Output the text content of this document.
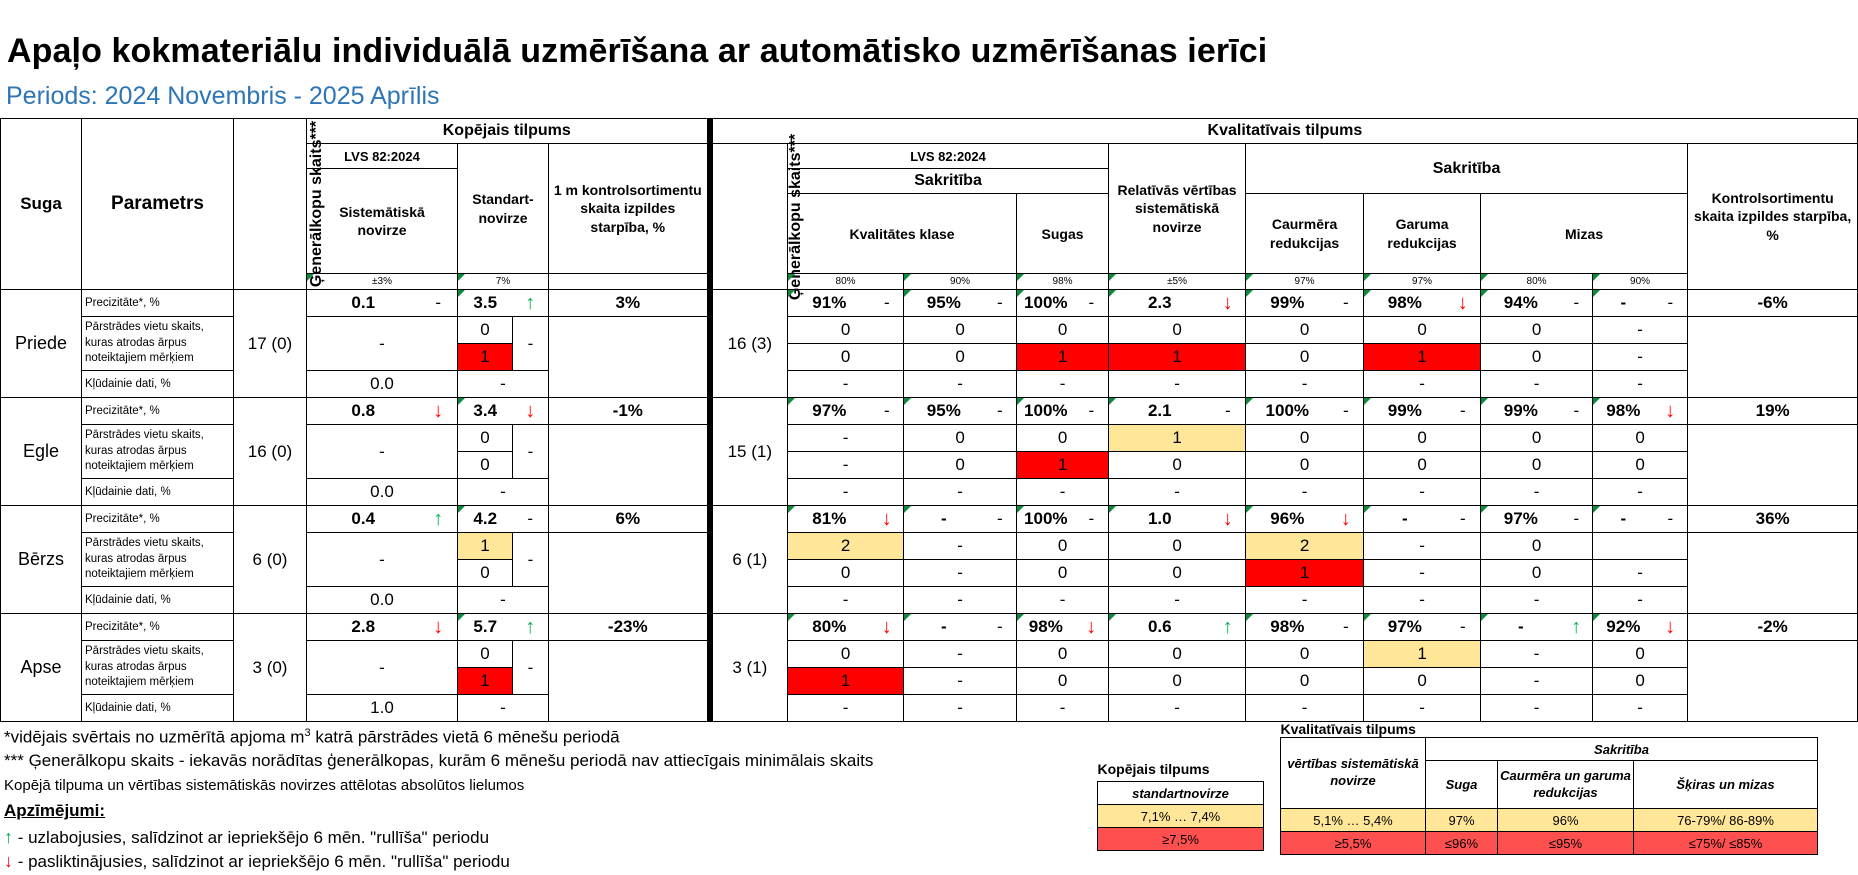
Apaļo kokmateriālu individuālā uzmērīšana ar automātisko uzmērīšanas ierīci
Periods: 2024 Novembris - 2025 Aprīlis
Suga	Parametrs	Ģenerālkopu skaits***	Kopējais tilpums					Kvalitatīvais tilpums																	
			LVS 82:2024		Standart-novirze		1 m kontrolsortimentu skaita izpildes starpība, %	Ģenerālkopu skaits***	LVS 82:2024						Relatīvās vērtības sistemātiskā novirze		Sakritība								Kontrolsortimentu skaita izpildes starpība, %
			Sistemātiskā novirze						Sakritība																
									Kvalitātes klase				Sugas				Caurmēra redukcijas		Garuma redukcijas		Mizas				

±3%		7%				80%		90%		98%		±5%		97%		97%		80%		90%		
Priede	Precizitāte*, %	17 (0)	0.1	-	3.5	↑	3%	16 (3)	91%	-	95%	-	100%	-	2.3	↓	99%	-	98%	↓	94%	-	-	-	-6%
	Pārstrādes vietu skaits, kuras atrodas ārpus noteiktajiem mērķiem		-		0	-			0		0		0		0		0		0		0		-		
					1				0		0		1		1		0		1		0		-		
	Kļūdainie dati, %		0.0		-				-		-		-		-		-		-		-		-		
Egle	Precizitāte*, %	16 (0)	0.8	↓	3.4	↓	-1%	15 (1)	97%	-	95%	-	100%	-	2.1	-	100%	-	99%	-	99%	-	98%	↓	19%
	Pārstrādes vietu skaits, kuras atrodas ārpus noteiktajiem mērķiem		-		0	-			-		0		0		1		0		0		0		0		
					0				-		0		1		0		0		0		0		0		
	Kļūdainie dati, %		0.0		-				-		-		-		-		-		-		-		-		
Bērzs	Precizitāte*, %	6 (0)	0.4	↑	4.2	-	6%	6 (1)	81%	↓	-	-	100%	-	1.0	↓	96%	↓	-	-	97%	-	-	-	36%
	Pārstrādes vietu skaits, kuras atrodas ārpus noteiktajiem mērķiem		-		1	-			2		-		0		0		2		-		0				
					0				0		-		0		0		1		-		0		-		
	Kļūdainie dati, %		0.0		-				-		-		-		-		-		-		-		-		
Apse	Precizitāte*, %	3 (0)	2.8	↓	5.7	↑	-23%	3 (1)	80%	↓	-	-	98%	↓	0.6	↑	98%	-	97%	-	-	↑	92%	↓	-2%
	Pārstrādes vietu skaits, kuras atrodas ārpus noteiktajiem mērķiem		-		0	-			0		-		0		0		0		1		-		0		
					1				1		-		0		0		0		0		-		0		
	Kļūdainie dati, %		1.0		-				-		-		-		-		-		-		-		-		
*vidējais svērtais no uzmērītā apjoma $m^3$ katrā pārstrādes vietā 6 mēnešu periodā
*** Ģenerālkopu skaits - iekavās norādītas ģenerālkopas, kurām 6 mēnešu periodā nav attiecīgais minimālais skaits
Kopējā tilpuma un vērtības sistemātiskās novirzes attēlotas absolūtos lielumos
Apzīmējumi:
↑ - uzlabojusies, salīdzinot ar iepriekšējo 6 mēn. "rullīša" periodu
↓ - pasliktinājusies, salīdzinot ar iepriekšējo 6 mēn. "rullīša" periodu
Kopējais tilpums
standartnovirze
7,1% … 7,4%
≥7,5%
Kvalitatīvais tilpums			
vērtības sistemātiskā novirze	Sakritība		
	Suga	Caurmēra un garuma redukcijas	Šķiras un mizas
5,1% … 5,4%	97%	96%	76-79%/ 86-89%
≥5,5%	≤96%	≤95%	≤75%/ ≤85%
